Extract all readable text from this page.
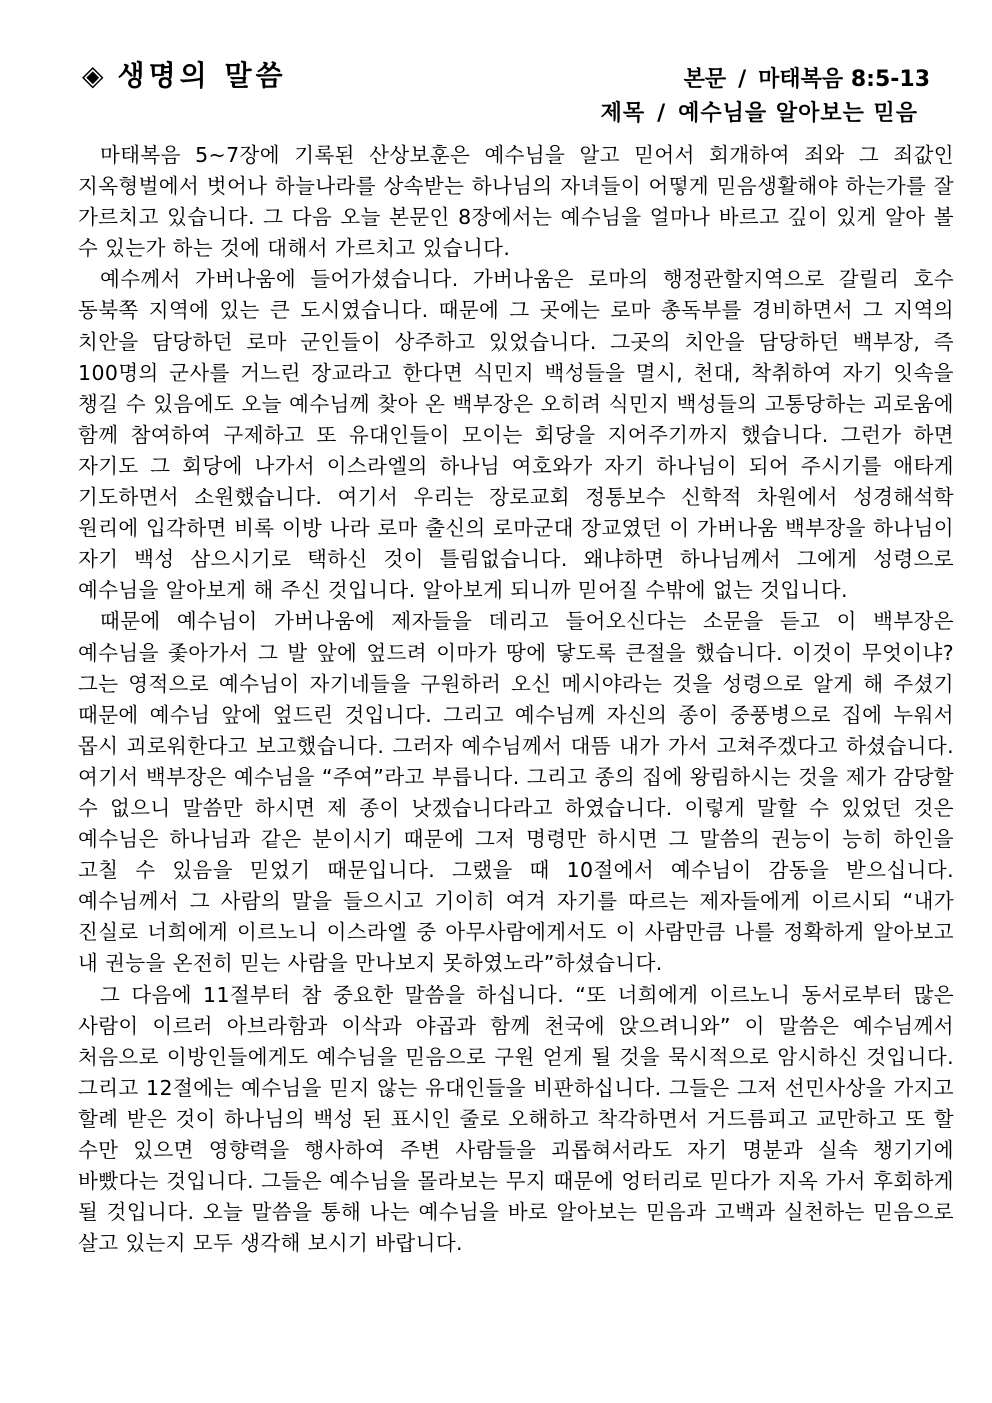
◈ 생명의 말씀	본문 / 마태복음 8:5-13
제목 / 예수님을 알아보는 믿음

마태복음 5~7장에 기록된 산상보훈은 예수님을 알고 믿어서 회개하여 죄와 그 죄값인 지옥형벌에서 벗어나 하늘나라를 상속받는 하나님의 자녀들이 어떻게 믿음생활해야 하는가를 잘 가르치고 있습니다. 그 다음 오늘 본문인 8장에서는 예수님을 얼마나 바르고 깊이 있게 알아 볼 수 있는가 하는 것에 대해서 가르치고 있습니다.

예수께서 가버나움에 들어가셨습니다. 가버나움은 로마의 행정관할지역으로 갈릴리 호수 동북쪽 지역에 있는 큰 도시였습니다. 때문에 그 곳에는 로마 총독부를 경비하면서 그 지역의 치안을 담당하던 로마 군인들이 상주하고 있었습니다. 그곳의 치안을 담당하던 백부장, 즉 100명의 군사를 거느린 장교라고 한다면 식민지 백성들을 멸시, 천대, 착취하여 자기 잇속을 챙길 수 있음에도 오늘 예수님께 찾아 온 백부장은 오히려 식민지 백성들의 고통당하는 괴로움에 함께 참여하여 구제하고 또 유대인들이 모이는 회당을 지어주기까지 했습니다. 그런가 하면 자기도 그 회당에 나가서 이스라엘의 하나님 여호와가 자기 하나님이 되어 주시기를 애타게 기도하면서 소원했습니다. 여기서 우리는 장로교회 정통보수 신학적 차원에서 성경해석학 원리에 입각하면 비록 이방 나라 로마 출신의 로마군대 장교였던 이 가버나움 백부장을 하나님이 자기 백성 삼으시기로 택하신 것이 틀림없습니다. 왜냐하면 하나님께서 그에게 성령으로 예수님을 알아보게 해 주신 것입니다. 알아보게 되니까 믿어질 수밖에 없는 것입니다.

때문에 예수님이 가버나움에 제자들을 데리고 들어오신다는 소문을 듣고 이 백부장은 예수님을 좇아가서 그 발 앞에 엎드려 이마가 땅에 닿도록 큰절을 했습니다. 이것이 무엇이냐? 그는 영적으로 예수님이 자기네들을 구원하러 오신 메시야라는 것을 성령으로 알게 해 주셨기 때문에 예수님 앞에 엎드린 것입니다. 그리고 예수님께 자신의 종이 중풍병으로 집에 누워서 몹시 괴로워한다고 보고했습니다. 그러자 예수님께서 대뜸 내가 가서 고쳐주겠다고 하셨습니다. 여기서 백부장은 예수님을 “주여”라고 부릅니다. 그리고 종의 집에 왕림하시는 것을 제가 감당할 수 없으니 말씀만 하시면 제 종이 낫겠습니다라고 하였습니다. 이렇게 말할 수 있었던 것은 예수님은 하나님과 같은 분이시기 때문에 그저 명령만 하시면 그 말씀의 권능이 능히 하인을 고칠 수 있음을 믿었기 때문입니다. 그랬을 때 10절에서 예수님이 감동을 받으십니다. 예수님께서 그 사람의 말을 들으시고 기이히 여겨 자기를 따르는 제자들에게 이르시되 “내가 진실로 너희에게 이르노니 이스라엘 중 아무사람에게서도 이 사람만큼 나를 정확하게 알아보고 내 권능을 온전히 믿는 사람을 만나보지 못하였노라”하셨습니다.

그 다음에 11절부터 참 중요한 말씀을 하십니다. “또 너희에게 이르노니 동서로부터 많은 사람이 이르러 아브라함과 이삭과 야곱과 함께 천국에 앉으려니와” 이 말씀은 예수님께서 처음으로 이방인들에게도 예수님을 믿음으로 구원 얻게 될 것을 묵시적으로 암시하신 것입니다. 그리고 12절에는 예수님을 믿지 않는 유대인들을 비판하십니다. 그들은 그저 선민사상을 가지고 할례 받은 것이 하나님의 백성 된 표시인 줄로 오해하고 착각하면서 거드름피고 교만하고 또 할 수만 있으면 영향력을 행사하여 주변 사람들을 괴롭혀서라도 자기 명분과 실속 챙기기에 바빴다는 것입니다. 그들은 예수님을 몰라보는 무지 때문에 엉터리로 믿다가 지옥 가서 후회하게 될 것입니다. 오늘 말씀을 통해 나는 예수님을 바로 알아보는 믿음과 고백과 실천하는 믿음으로 살고 있는지 모두 생각해 보시기 바랍니다.
